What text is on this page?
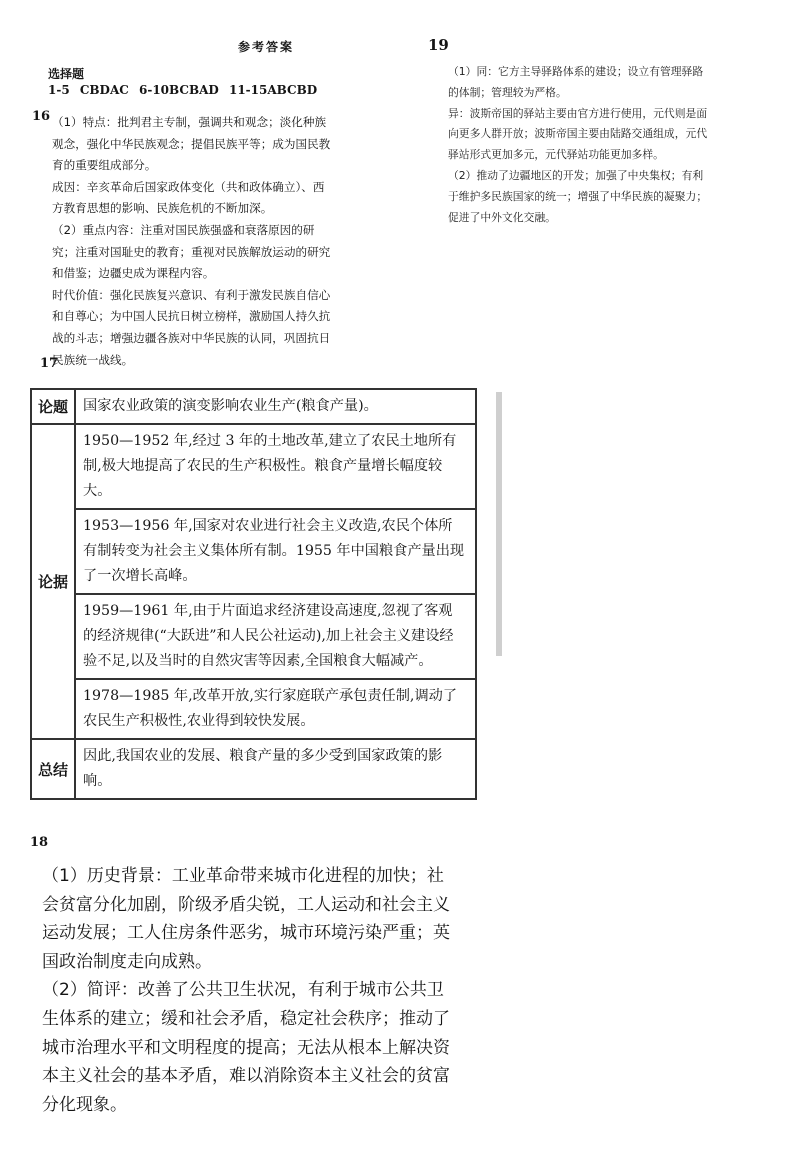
参考答案	19
选择题
1-5 CBDAC 6-10BCBAD 11-15ABCBD
16 （1）特点：批判君主专制，强调共和观念；淡化种族

观念，强化中华民族观念；提倡民族平等；成为国民教

育的重要组成部分。

成因：辛亥革命后国家政体变化（共和政体确立）、西

方教育思想的影响、民族危机的不断加深。

（2）重点内容：注重对国民族强盛和衰落原因的研

究；注重对国耻史的教育；重视对民族解放运动的研究

和借鉴；边疆史成为课程内容。

时代价值：强化民族复兴意识、有利于激发民族自信心

和自尊心；为中国人民抗日树立榜样，激励国人持久抗

战的斗志；增强边疆各族对中华民族的认同，巩固抗日

民族统一战线。

（1）同：它方主导驿路体系的建设；设立有管理驿路

的体制；管理较为严格。

异：波斯帝国的驿站主要由官方进行使用，元代则是面

向更多人群开放；波斯帝国主要由陆路交通组成，元代

驿站形式更加多元，元代驿站功能更加多样。

（2）推动了边疆地区的开发；加强了中央集权；有利

于维护多民族国家的统一；增强了中华民族的凝聚力；

促进了中外文化交融。

17
论题	国家农业政策的演变影响农业生产(粮食产量)。
论据	1950—1952 年,经过 3 年的土地改革,建立了农民土地所有制,极大地提高了农民的生产积极性。粮食产量增长幅度较大。
	1953—1956 年,国家对农业进行社会主义改造,农民个体所有制转变为社会主义集体所有制。1955 年中国粮食产量出现了一次增长高峰。
	1959—1961 年,由于片面追求经济建设高速度,忽视了客观的经济规律(“大跃进”和人民公社运动),加上社会主义建设经验不足,以及当时的自然灾害等因素,全国粮食大幅减产。
	1978—1985 年,改革开放,实行家庭联产承包责任制,调动了农民生产积极性,农业得到较快发展。
总结	因此,我国农业的发展、粮食产量的多少受到国家政策的影响。
18

（1）历史背景：工业革命带来城市化进程的加快；社

会贫富分化加剧，阶级矛盾尖锐，工人运动和社会主义

运动发展；工人住房条件恶劣，城市环境污染严重；英

国政治制度走向成熟。

（2）简评：改善了公共卫生状况，有利于城市公共卫

生体系的建立；缓和社会矛盾，稳定社会秩序；推动了

城市治理水平和文明程度的提高；无法从根本上解决资

本主义社会的基本矛盾，难以消除资本主义社会的贫富

分化现象。
